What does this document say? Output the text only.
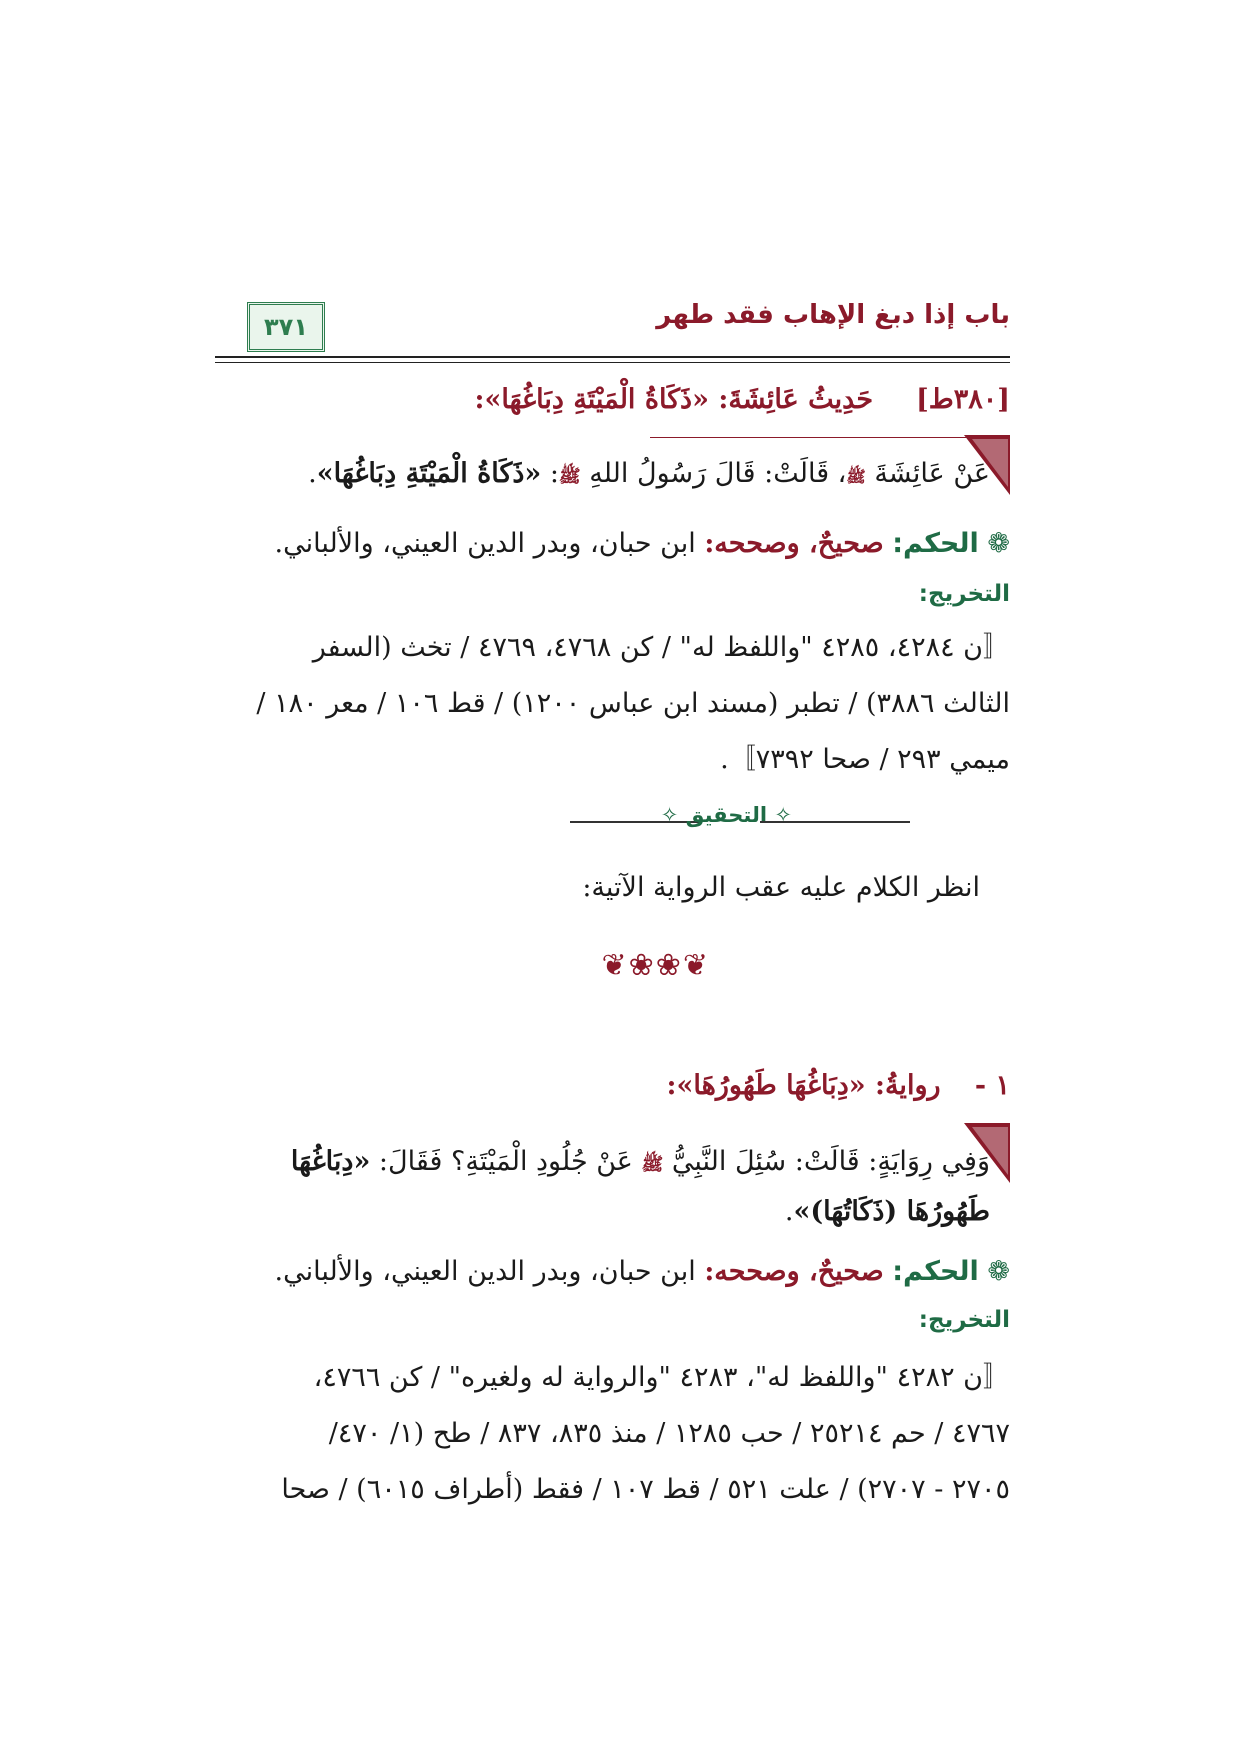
باب إذا دبغ الإهاب فقد طهر
٣٧١
[٣٨٠ط]     حَدِيثُ عَائِشَةَ: «ذَكَاةُ الْمَيْتَةِ دِبَاغُهَا»:
عَنْ عَائِشَةَ ﷺ، قَالَتْ: قَالَ رَسُولُ اللهِ ﷺ: «ذَكَاةُ الْمَيْتَةِ دِبَاغُهَا».
❁ الحكم: صحيحٌ، وصححه: ابن حبان، وبدر الدين العيني، والألباني.
التخريج:
〚ن ٤٢٨٤، ٤٢٨٥ "واللفظ له" / كن ٤٧٦٨، ٤٧٦٩ / تخث (السفر
الثالث ٣٨٨٦) / تطبر (مسند ابن عباس ١٢٠٠) / قط ١٠٦ / معر ١٨٠ /
ميمي ٢٩٣ / صحا ٧٣٩٢〛.
✧ التحقيق ✧
انظر الكلام عليه عقب الرواية الآتية:
❦❀❀❦
١ -    روايةُ: «دِبَاغُهَا طَهُورُهَا»:
وَفِي رِوَايَةٍ: قَالَتْ: سُئِلَ النَّبِيُّ ﷺ عَنْ جُلُودِ الْمَيْتَةِ؟ فَقَالَ: «دِبَاغُهَا
طَهُورُهَا (ذَكَاتُهَا)».
❁ الحكم: صحيحٌ، وصححه: ابن حبان، وبدر الدين العيني، والألباني.
التخريج:
〚ن ٤٢٨٢ "واللفظ له"، ٤٢٨٣ "والرواية له ولغيره" / كن ٤٧٦٦،
٤٧٦٧ / حم ٢٥٢١٤ / حب ١٢٨٥ / منذ ٨٣٥، ٨٣٧ / طح (١/ ٤٧٠/
٢٧٠٥ - ٢٧٠٧) / علت ٥٢١ / قط ١٠٧ / فقط (أطراف ٦٠١٥) / صحا
